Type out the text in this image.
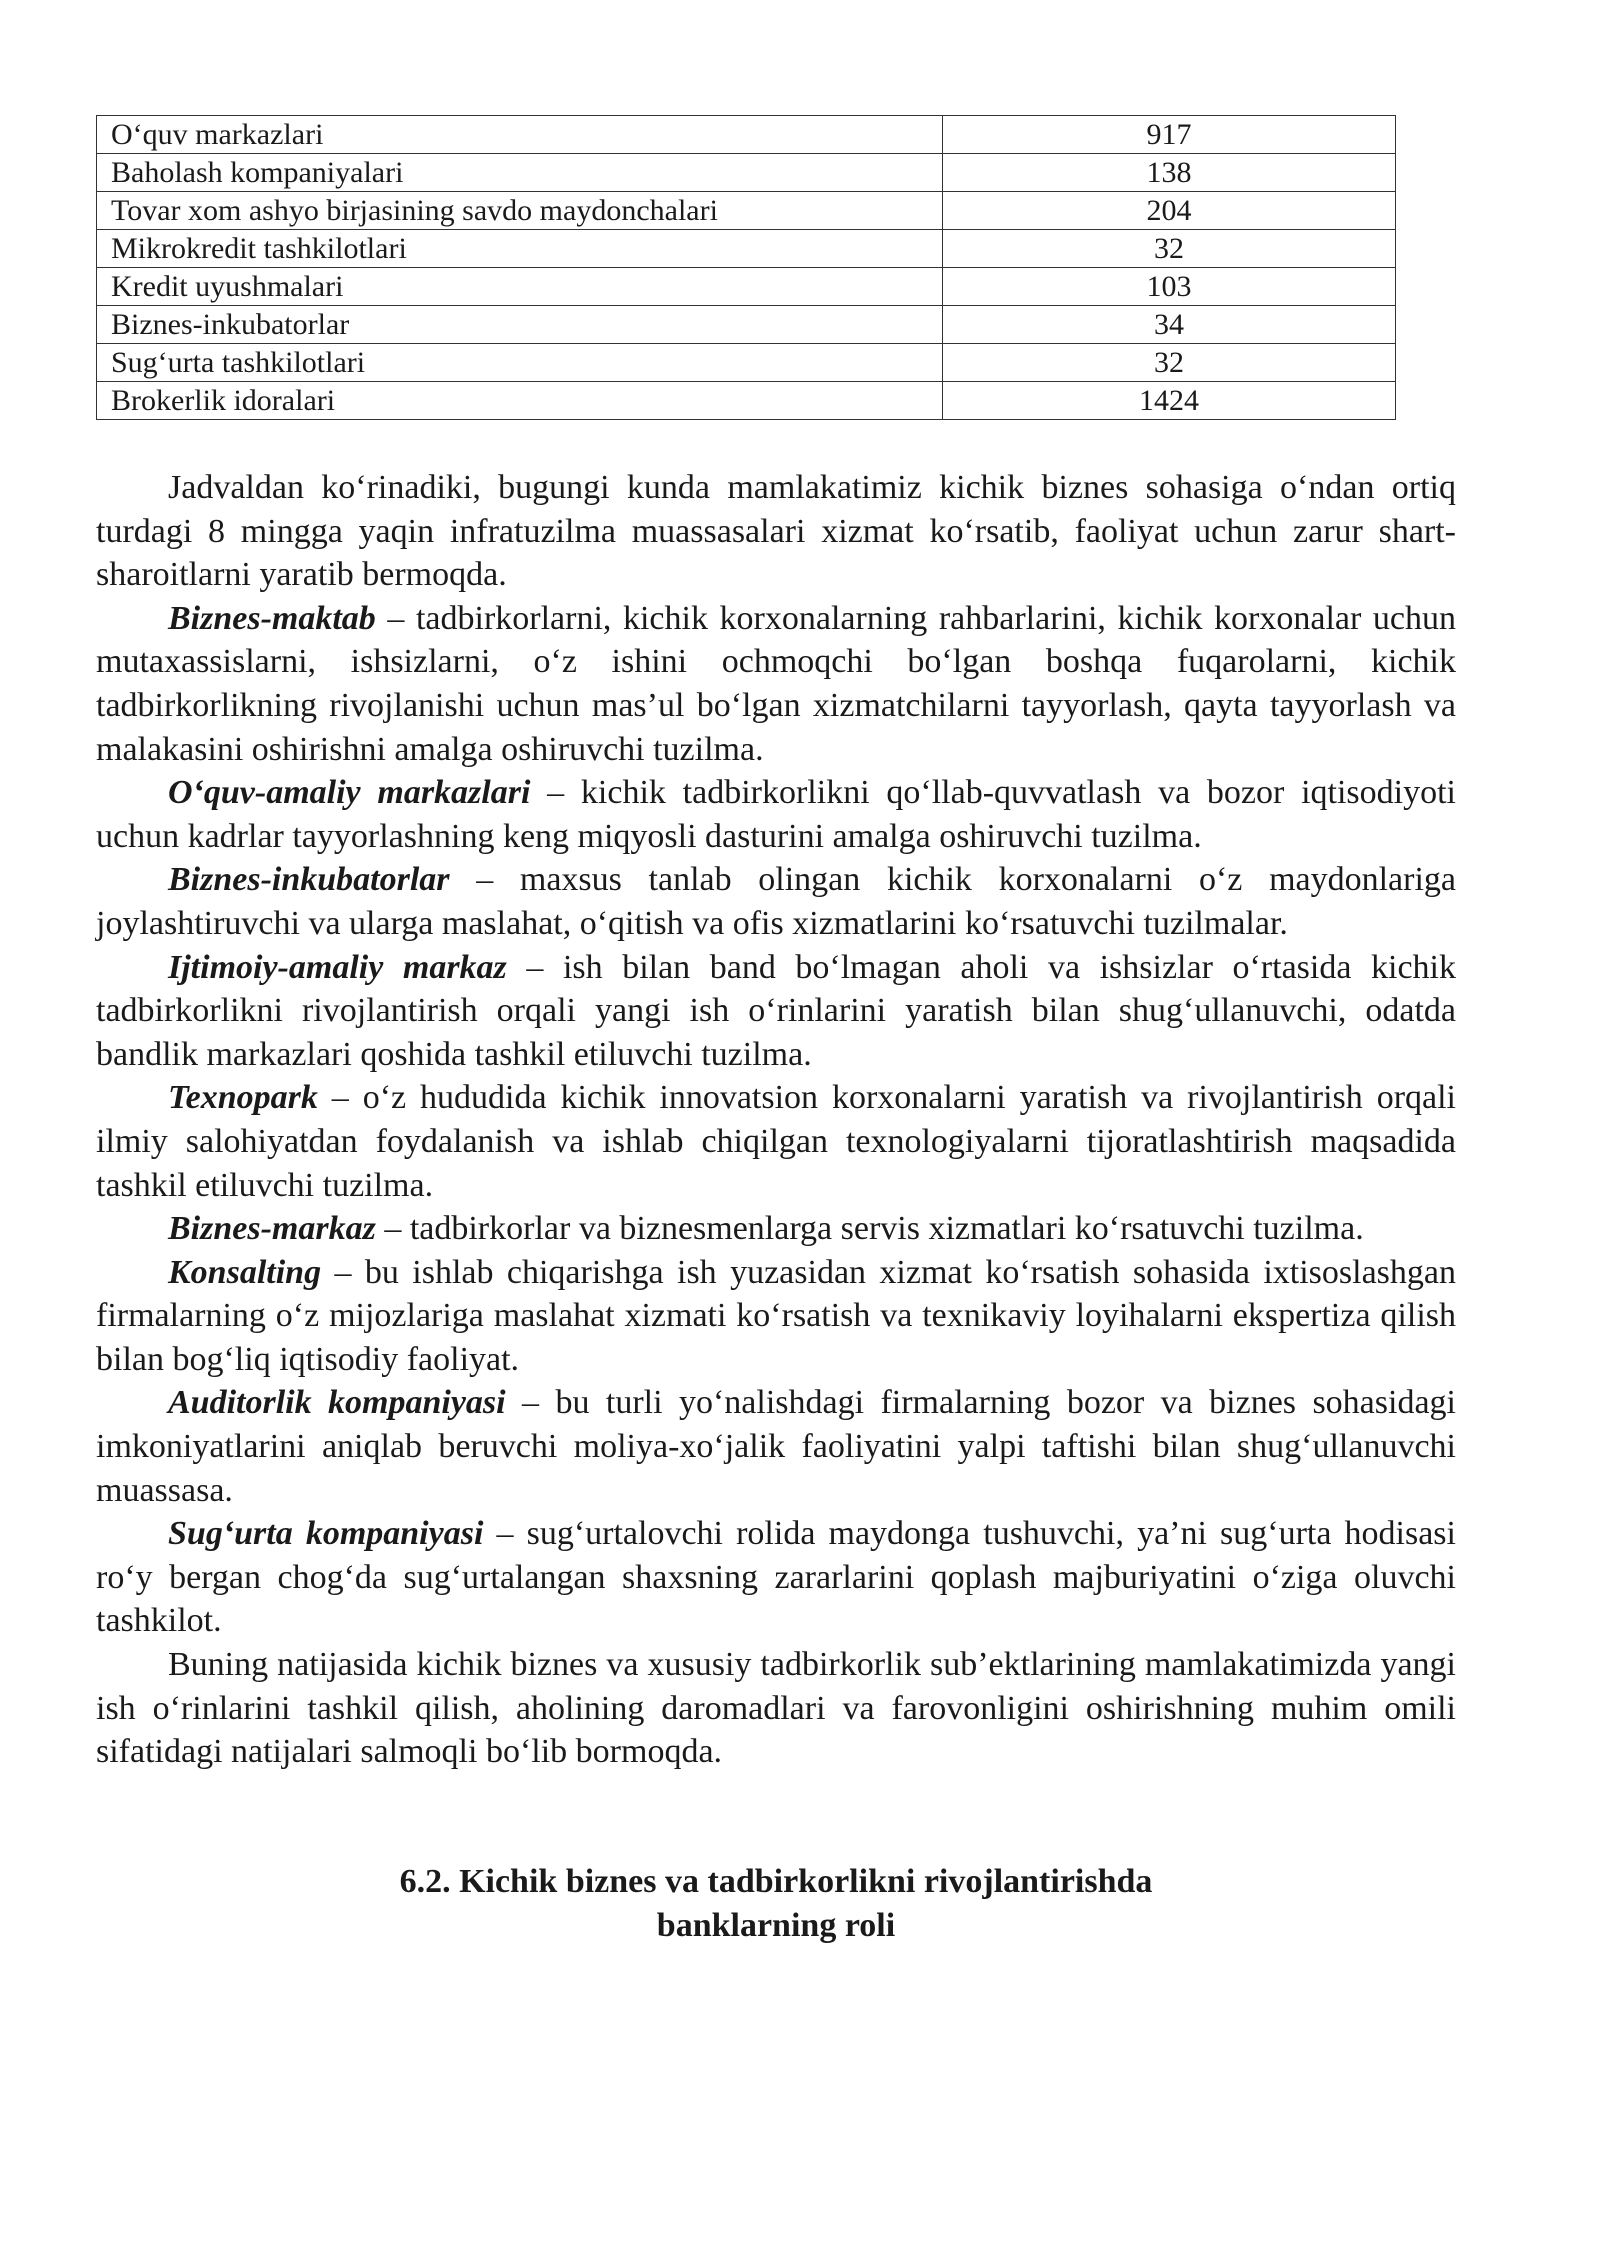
O‘quv markazlari	917
Baholash kompaniyalari	138
Tovar xom ashyo birjasining savdo maydonchalari	204
Mikrokredit tashkilotlari	32
Kredit uyushmalari	103
Biznes-inkubatorlar	34
Sug‘urta tashkilotlari	32
Brokerlik idoralari	1424

Jadvaldan ko‘rinadiki, bugungi kunda mamlakatimiz kichik biznes sohasiga o‘ndan ortiq turdagi 8 mingga yaqin infratuzilma muassasalari xizmat ko‘rsatib, faoliyat uchun zarur shart-sharoitlarni yaratib bermoqda.

Biznes-maktab – tadbirkorlarni, kichik korxonalarning rahbarlarini, kichik korxonalar uchun mutaxassislarni, ishsizlarni, o‘z ishini ochmoqchi bo‘lgan boshqa fuqarolarni, kichik tadbirkorlikning rivojlanishi uchun mas’ul bo‘lgan xizmatchilarni tayyorlash, qayta tayyorlash va malakasini oshirishni amalga oshiruvchi tuzilma.

O‘quv-amaliy markazlari – kichik tadbirkorlikni qo‘llab-quvvatlash va bozor iqtisodiyoti uchun kadrlar tayyorlashning keng miqyosli dasturini amalga oshiruvchi tuzilma.

Biznes-inkubatorlar – maxsus tanlab olingan kichik korxonalarni o‘z maydonlariga joylashtiruvchi va ularga maslahat, o‘qitish va ofis xizmatlarini ko‘rsatuvchi tuzilmalar.

Ijtimoiy-amaliy markaz – ish bilan band bo‘lmagan aholi va ishsizlar o‘rtasida kichik tadbirkorlikni rivojlantirish orqali yangi ish o‘rinlarini yaratish bilan shug‘ullanuvchi, odatda bandlik markazlari qoshida tashkil etiluvchi tuzilma.

Texnopark – o‘z hududida kichik innovatsion korxonalarni yaratish va rivojlantirish orqali ilmiy salohiyatdan foydalanish va ishlab chiqilgan texnologiyalarni tijoratlashtirish maqsadida tashkil etiluvchi tuzilma.

Biznes-markaz – tadbirkorlar va biznesmenlarga servis xizmatlari ko‘rsatuvchi tuzilma.

Konsalting – bu ishlab chiqarishga ish yuzasidan xizmat ko‘rsatish sohasida ixtisoslashgan firmalarning o‘z mijozlariga maslahat xizmati ko‘rsatish va texnikaviy loyihalarni ekspertiza qilish bilan bog‘liq iqtisodiy faoliyat.

Auditorlik kompaniyasi – bu turli yo‘nalishdagi firmalarning bozor va biznes sohasidagi imkoniyatlarini aniqlab beruvchi moliya-xo‘jalik faoliyatini yalpi taftishi bilan shug‘ullanuvchi muassasa.

Sug‘urta kompaniyasi – sug‘urtalovchi rolida maydonga tushuvchi, ya’ni sug‘urta hodisasi ro‘y bergan chog‘da sug‘urtalangan shaxsning zararlarini qoplash majburiyatini o‘ziga oluvchi tashkilot.

Buning natijasida kichik biznes va xususiy tadbirkorlik sub’ektlarining mamlakatimizda yangi ish o‘rinlarini tashkil qilish, aholining daromadlari va farovonligini oshirishning muhim omili sifatidagi natijalari salmoqli bo‘lib bormoqda.

6.2. Kichik biznes va tadbirkorlikni rivojlantirishda
banklarning roli
